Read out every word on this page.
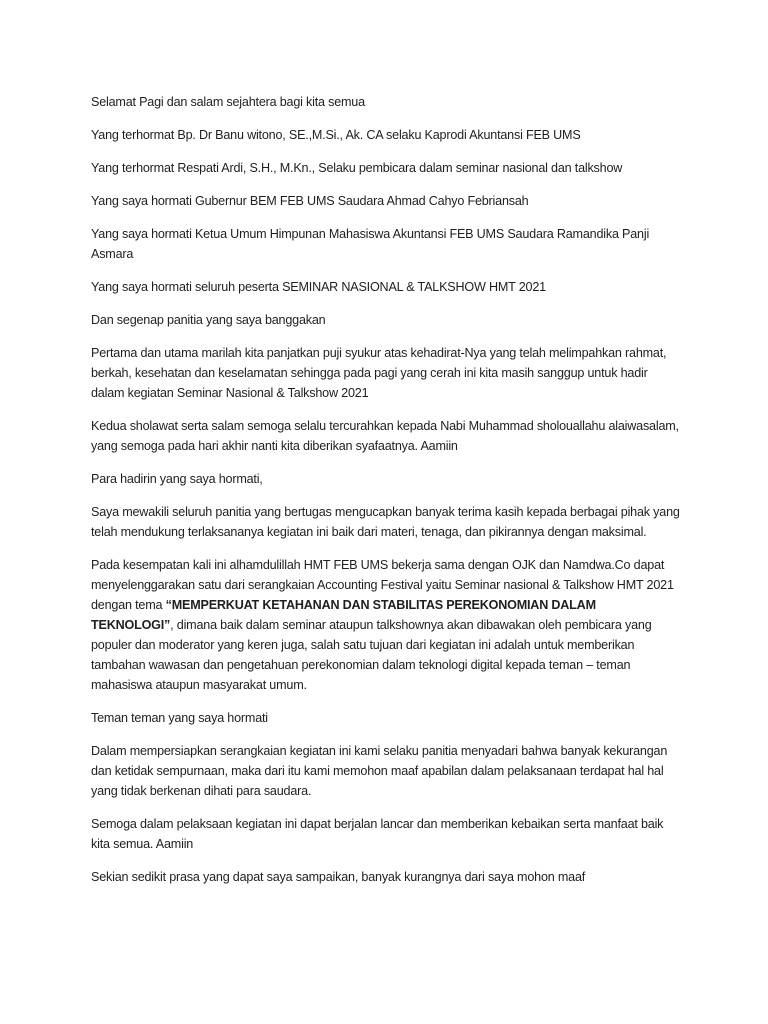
Selamat Pagi dan salam sejahtera bagi kita semua

Yang terhormat Bp. Dr Banu witono, SE.,M.Si., Ak. CA selaku Kaprodi Akuntansi FEB UMS

Yang terhormat Respati Ardi, S.H., M.Kn., Selaku pembicara dalam seminar nasional dan talkshow

Yang saya hormati Gubernur BEM FEB UMS Saudara Ahmad Cahyo Febriansah

Yang saya hormati Ketua Umum Himpunan Mahasiswa Akuntansi FEB UMS Saudara Ramandika Panji Asmara

Yang saya hormati seluruh peserta SEMINAR NASIONAL & TALKSHOW HMT 2021

Dan segenap panitia yang saya banggakan

Pertama dan utama marilah kita panjatkan puji syukur atas kehadirat-Nya yang telah melimpahkan rahmat, berkah, kesehatan dan keselamatan sehingga pada pagi yang cerah ini kita masih sanggup untuk hadir dalam kegiatan Seminar Nasional & Talkshow 2021

Kedua sholawat serta salam semoga selalu tercurahkan kepada Nabi Muhammad sholouallahu alaiwasalam, yang semoga pada hari akhir nanti kita diberikan syafaatnya. Aamiin

Para hadirin yang saya hormati,

Saya mewakili seluruh panitia yang bertugas mengucapkan banyak terima kasih kepada berbagai pihak yang telah mendukung terlaksananya kegiatan ini baik dari materi, tenaga, dan pikirannya dengan maksimal.

Pada kesempatan kali ini alhamdulillah HMT FEB UMS bekerja sama dengan OJK dan Namdwa.Co dapat menyelenggarakan satu dari serangkaian Accounting Festival yaitu Seminar nasional & Talkshow HMT 2021 dengan tema “MEMPERKUAT KETAHANAN DAN STABILITAS PEREKONOMIAN DALAM TEKNOLOGI”, dimana baik dalam seminar ataupun talkshownya akan dibawakan oleh pembicara yang populer dan moderator yang keren juga, salah satu tujuan dari kegiatan ini adalah untuk memberikan tambahan wawasan dan pengetahuan perekonomian dalam teknologi digital kepada teman – teman mahasiswa ataupun masyarakat umum.

Teman teman yang saya hormati

Dalam mempersiapkan serangkaian kegiatan ini kami selaku panitia menyadari bahwa banyak kekurangan dan ketidak sempurnaan, maka dari itu kami memohon maaf apabilan dalam pelaksanaan terdapat hal hal yang tidak berkenan dihati para saudara.

Semoga dalam pelaksaan kegiatan ini dapat berjalan lancar dan memberikan kebaikan serta manfaat baik kita semua. Aamiin

Sekian sedikit prasa yang dapat saya sampaikan, banyak kurangnya dari saya mohon maaf
